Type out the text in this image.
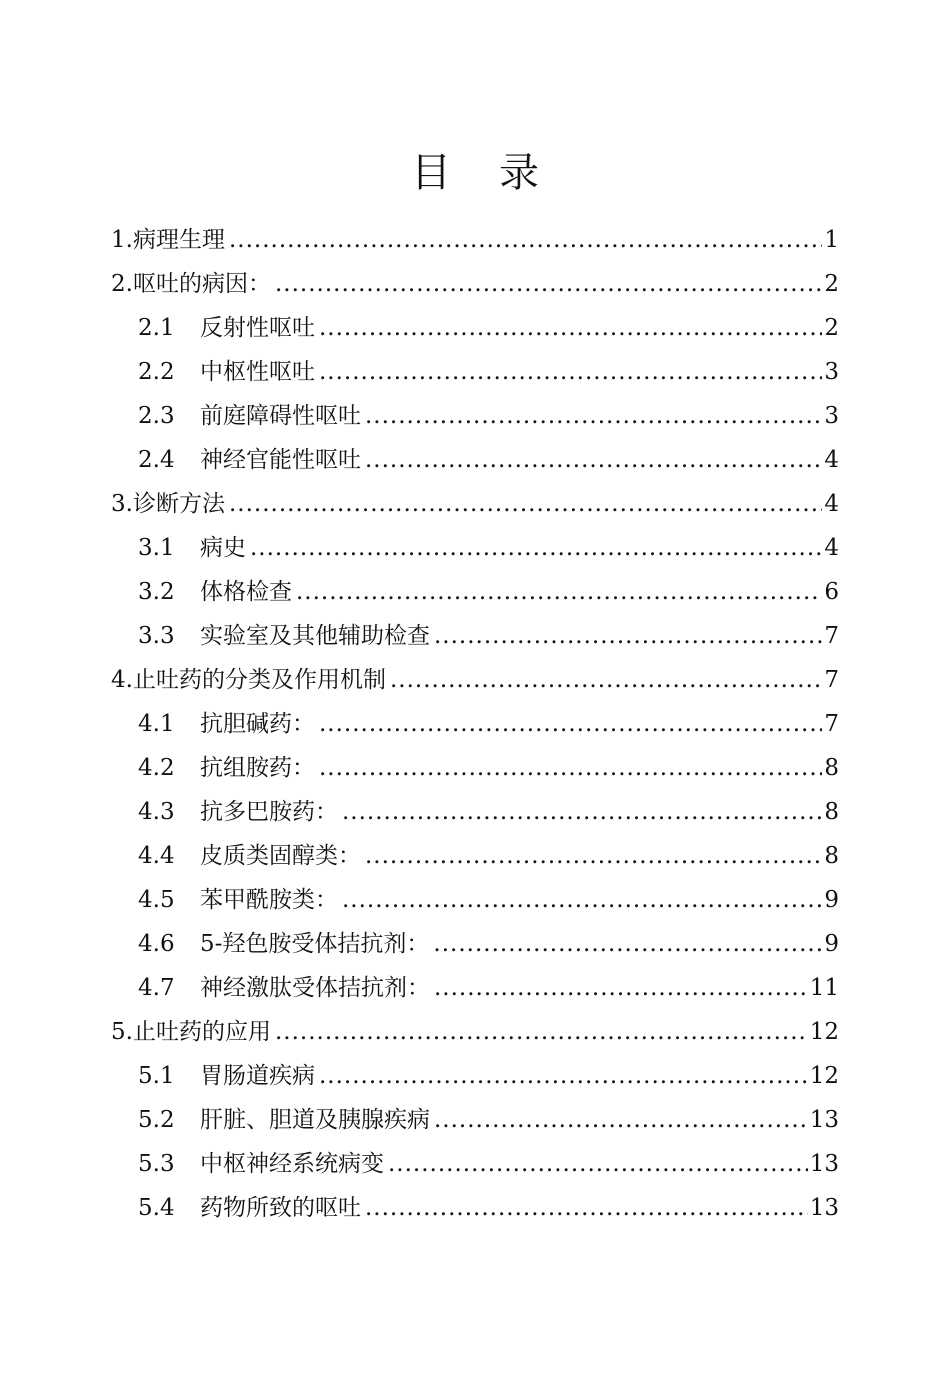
目 录
1. 病理生理 .....	1
2. 呕吐的病因： .....	2
2.1	反射性呕吐 .....	2
2.2	中枢性呕吐 .....	3
2.3	前庭障碍性呕吐 .....	3
2.4	神经官能性呕吐 .....	4
3. 诊断方法 .....	4
3.1	病史 .....	4
3.2	体格检查 .....	6
3.3	实验室及其他辅助检查 .....	7
4. 止吐药的分类及作用机制 .....	7
4.1	抗胆碱药： .....	7
4.2	抗组胺药： .....	8
4.3	抗多巴胺药： .....	8
4.4	皮质类固醇类： .....	8
4.5	苯甲酰胺类： .....	9
4.6	5-羟色胺受体拮抗剂： .....	9
4.7	神经激肽受体拮抗剂： .....	11
5. 止吐药的应用 .....	12
5.1	胃肠道疾病 .....	12
5.2	肝脏、胆道及胰腺疾病 .....	13
5.3	中枢神经系统病变 .....	13
5.4	药物所致的呕吐 .....	13
